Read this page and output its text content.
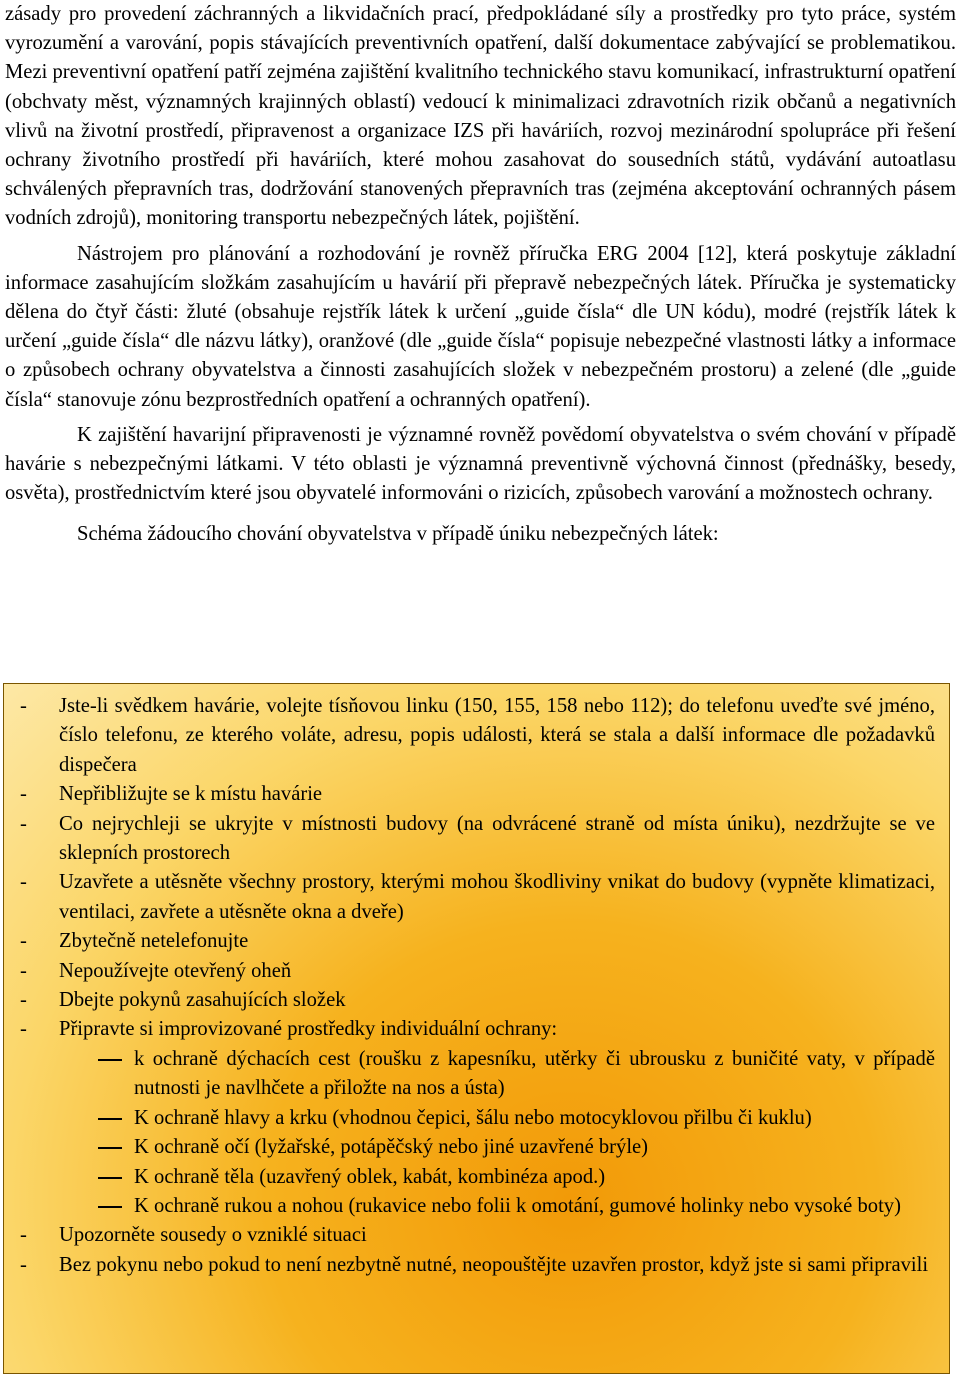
zásady pro provedení záchranných a likvidačních prací, předpokládané síly a prostředky pro tyto práce, systém vyrozumění a varování, popis stávajících preventivních opatření, další dokumentace zabývající se problematikou. Mezi preventivní opatření patří zejména zajištění kvalitního technického stavu komunikací, infrastrukturní opatření (obchvaty měst, významných krajinných oblastí) vedoucí k minimalizaci zdravotních rizik občanů a negativních vlivů na životní prostředí, připravenost a organizace IZS při haváriích, rozvoj mezinárodní spolupráce při řešení ochrany životního prostředí při haváriích, které mohou zasahovat do sousedních států, vydávání autoatlasu schválených přepravních tras, dodržování stanovených přepravních tras (zejména akceptování ochranných pásem vodních zdrojů), monitoring transportu nebezpečných látek, pojištění.

Nástrojem pro plánování a rozhodování je rovněž příručka ERG 2004 [12], která poskytuje základní informace zasahujícím složkám zasahujícím u havárií při přepravě nebezpečných látek. Příručka je systematicky dělena do čtyř části: žluté (obsahuje rejstřík látek k určení „guide čísla“ dle UN kódu), modré (rejstřík látek k určení „guide čísla“ dle názvu látky), oranžové (dle „guide čísla“ popisuje nebezpečné vlastnosti látky a informace o způsobech ochrany obyvatelstva a činnosti zasahujících složek v nebezpečném prostoru) a zelené (dle „guide čísla“ stanovuje zónu bezprostředních opatření a ochranných opatření).

K zajištění havarijní připravenosti je významné rovněž povědomí obyvatelstva o svém chování v případě havárie s nebezpečnými látkami. V této oblasti je významná preventivně výchovná činnost (přednášky, besedy, osvěta), prostřednictvím které jsou obyvatelé informováni o rizicích, způsobech varování a možnostech ochrany.

Schéma žádoucího chování obyvatelstva v případě úniku nebezpečných látek:

- Jste-li svědkem havárie, volejte tísňovou linku (150, 155, 158 nebo 112); do telefonu uveďte své jméno, číslo telefonu, ze kterého voláte, adresu, popis události, která se stala a další informace dle požadavků dispečera
- Nepřibližujte se k místu havárie
- Co nejrychleji se ukryjte v místnosti budovy (na odvrácené straně od místa úniku), nezdržujte se ve sklepních prostorech
- Uzavřete a utěsněte všechny prostory, kterými mohou škodliviny vnikat do budovy (vypněte klimatizaci, ventilaci, zavřete a utěsněte okna a dveře)
- Zbytečně netelefonujte
- Nepoužívejte otevřený oheň
- Dbejte pokynů zasahujících složek
- Připravte si improvizované prostředky individuální ochrany:
k ochraně dýchacích cest (roušku z kapesníku, utěrky či ubrousku z buničité vaty, v případě nutnosti je navlhčete a přiložte na nos a ústa)
K ochraně hlavy a krku (vhodnou čepici, šálu nebo motocyklovou přilbu či kuklu)
K ochraně očí (lyžařské, potápěčský nebo jiné uzavřené brýle)
K ochraně těla (uzavřený oblek, kabát, kombinéza apod.)
K ochraně rukou a nohou (rukavice nebo folii k omotání, gumové holinky nebo vysoké boty)
- Upozorněte sousedy o vzniklé situaci
- Bez pokynu nebo pokud to není nezbytně nutné, neopouštějte uzavřen prostor, když jste si sami připravili
